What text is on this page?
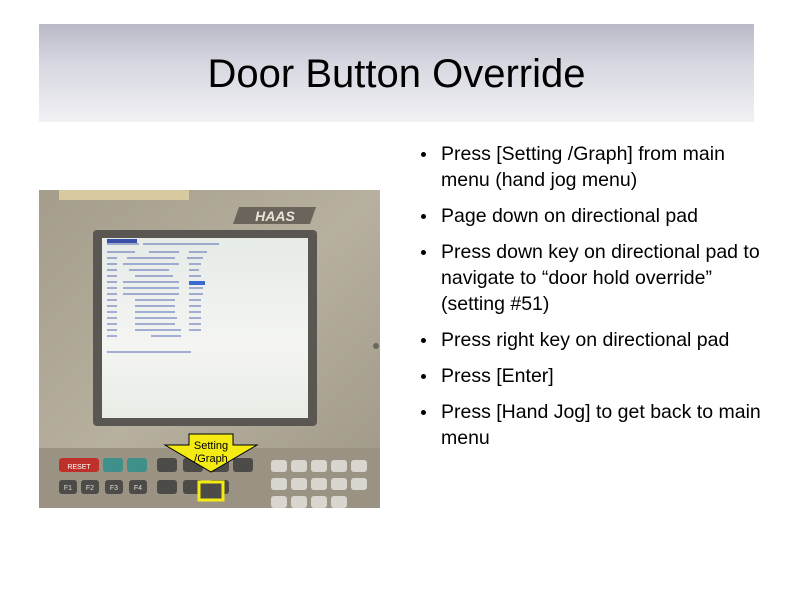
Door Button Override
HAAS
RESET
F1 F2 F3 F4
Setting
/Graph
Press [Setting /Graph] from main menu (hand jog menu)
Page down on directional pad
Press down key on directional pad to navigate to “door hold override” (setting #51)
Press right key on directional pad
Press [Enter]
Press [Hand Jog] to get back to main menu
